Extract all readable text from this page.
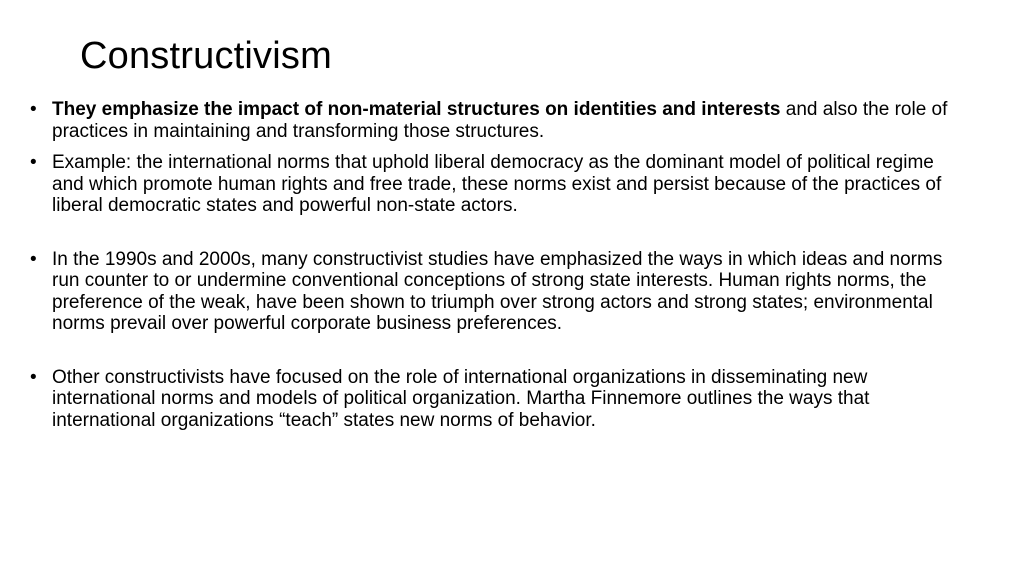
Constructivism
• They emphasize the impact of non-material structures on identities and interests and also the role of practices in maintaining and transforming those structures.
• Example: the international norms that uphold liberal democracy as the dominant model of political regime and which promote human rights and free trade, these norms exist and persist because of the practices of liberal democratic states and powerful non-state actors.
• In the 1990s and 2000s, many constructivist studies have emphasized the ways in which ideas and norms run counter to or undermine conventional conceptions of strong state interests. Human rights norms, the preference of the weak, have been shown to triumph over strong actors and strong states; environmental norms prevail over powerful corporate business preferences.
• Other constructivists have focused on the role of international organizations in disseminating new international norms and models of political organization. Martha Finnemore outlines the ways that international organizations “teach” states new norms of behavior.
